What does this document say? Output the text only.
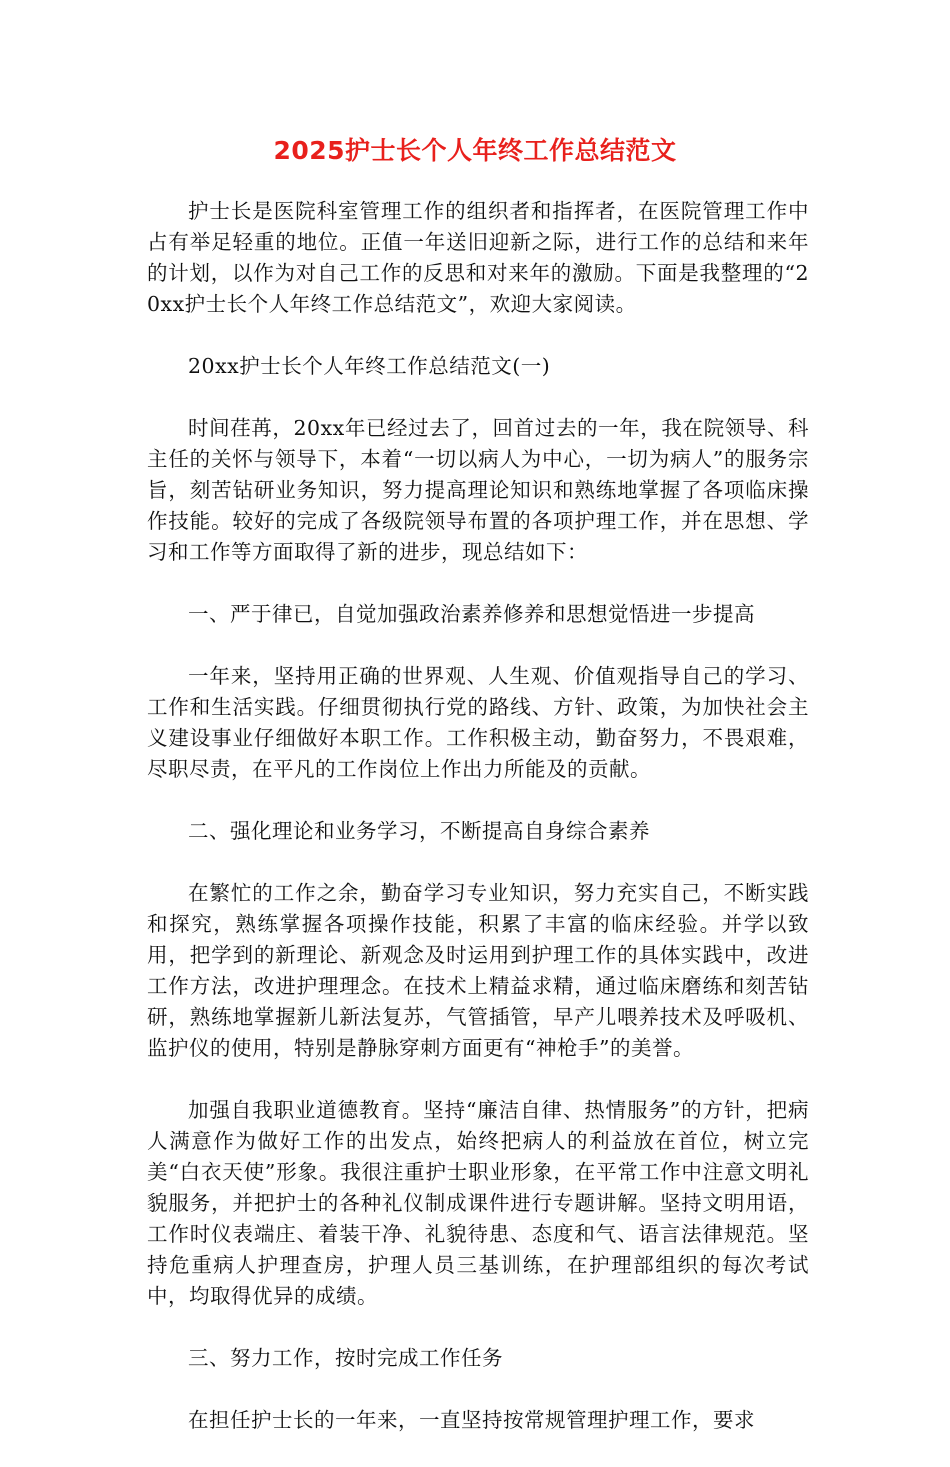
2025护士长个人年终工作总结范文

护士长是医院科室管理工作的组织者和指挥者，在医院管理工作中占有举足轻重的地位。正值一年送旧迎新之际，进行工作的总结和来年的计划，以作为对自己工作的反思和对来年的激励。下面是我整理的“20xx护士长个人年终工作总结范文”，欢迎大家阅读。

20xx护士长个人年终工作总结范文(一)

时间荏苒，20xx年已经过去了，回首过去的一年，我在院领导、科主任的关怀与领导下，本着“一切以病人为中心，一切为病人”的服务宗旨，刻苦钻研业务知识，努力提高理论知识和熟练地掌握了各项临床操作技能。较好的完成了各级院领导布置的各项护理工作，并在思想、学习和工作等方面取得了新的进步，现总结如下：

一、严于律已，自觉加强政治素养修养和思想觉悟进一步提高

一年来，坚持用正确的世界观、人生观、价值观指导自己的学习、工作和生活实践。仔细贯彻执行党的路线、方针、政策，为加快社会主义建设事业仔细做好本职工作。工作积极主动，勤奋努力，不畏艰难，尽职尽责，在平凡的工作岗位上作出力所能及的贡献。

二、强化理论和业务学习，不断提高自身综合素养

在繁忙的工作之余，勤奋学习专业知识，努力充实自己，不断实践和探究，熟练掌握各项操作技能，积累了丰富的临床经验。并学以致用，把学到的新理论、新观念及时运用到护理工作的具体实践中，改进工作方法，改进护理理念。在技术上精益求精，通过临床磨练和刻苦钻研，熟练地掌握新儿新法复苏，气管插管，早产儿喂养技术及呼吸机、监护仪的使用，特别是静脉穿刺方面更有“神枪手”的美誉。

加强自我职业道德教育。坚持“廉洁自律、热情服务”的方针，把病人满意作为做好工作的出发点，始终把病人的利益放在首位，树立完美“白衣天使”形象。我很注重护士职业形象，在平常工作中注意文明礼貌服务，并把护士的各种礼仪制成课件进行专题讲解。坚持文明用语，工作时仪表端庄、着装干净、礼貌待患、态度和气、语言法律规范。坚持危重病人护理查房，护理人员三基训练，在护理部组织的每次考试中，均取得优异的成绩。

三、努力工作，按时完成工作任务

在担任护士长的一年来，一直坚持按常规管理护理工作，要求
